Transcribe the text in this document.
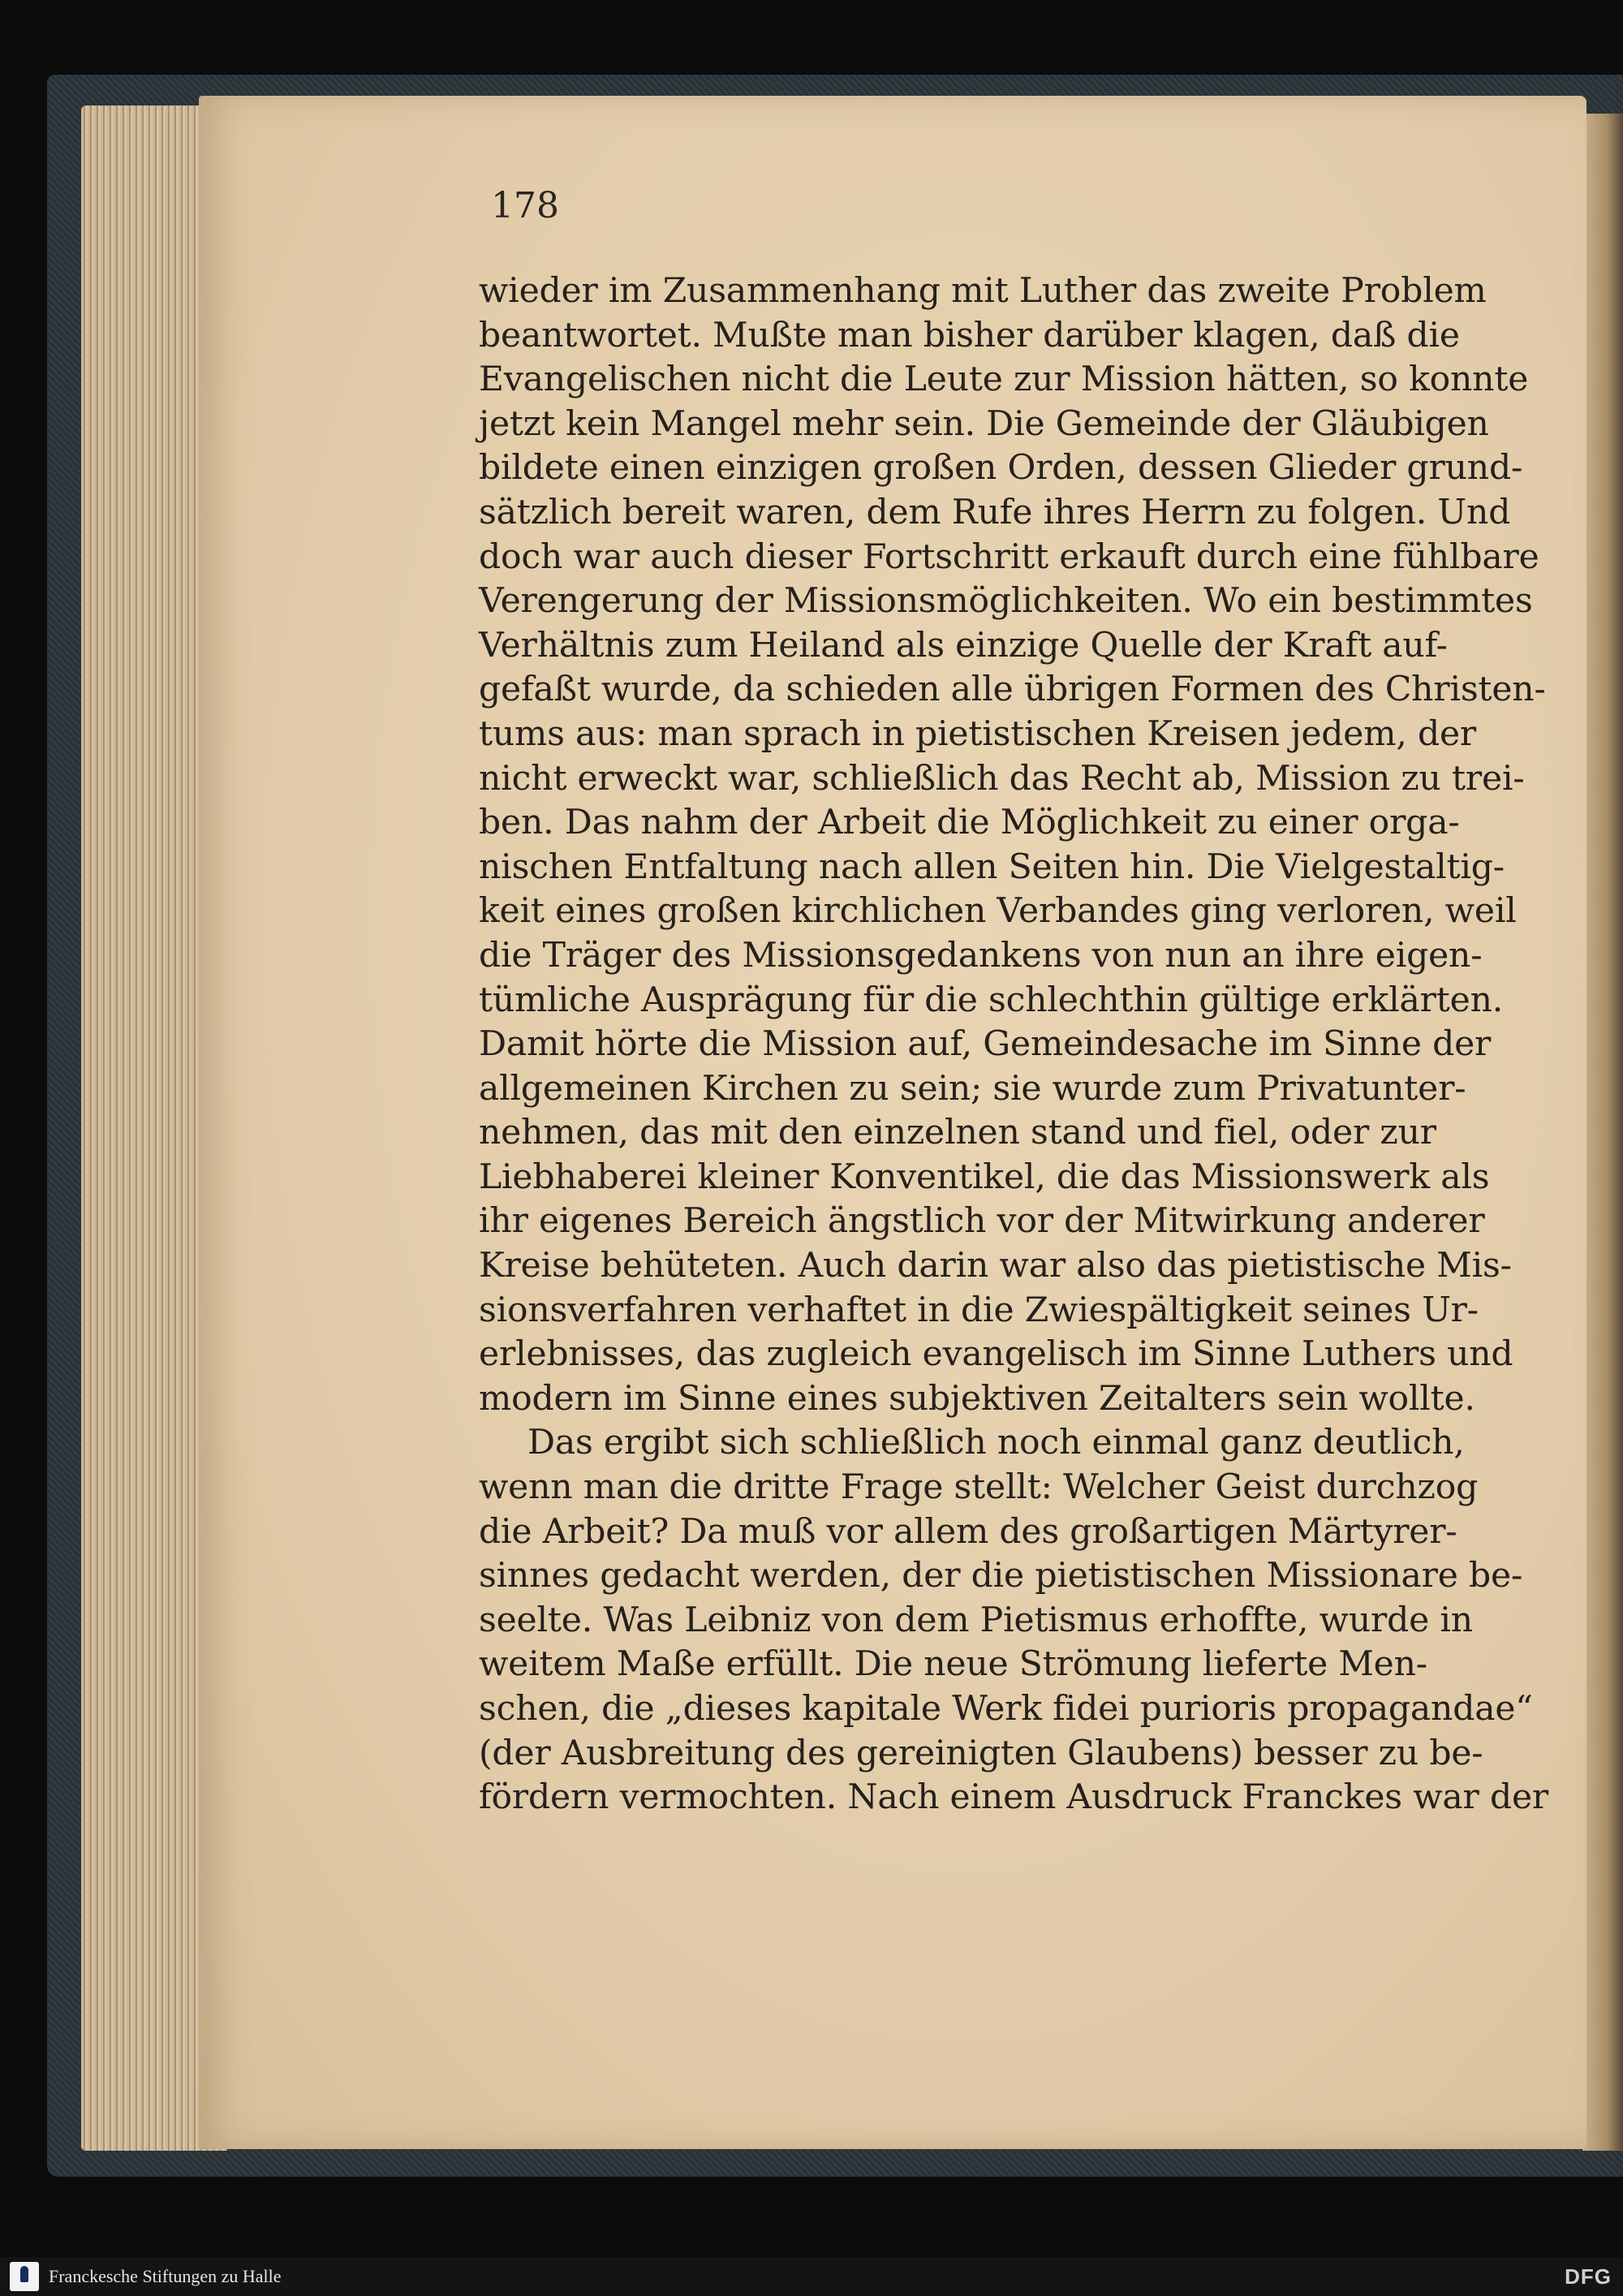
178
wieder im Zusammenhang mit Luther das zweite Problem
beantwortet. Mußte man bisher darüber klagen, daß die
Evangelischen nicht die Leute zur Mission hätten, so konnte
jetzt kein Mangel mehr sein. Die Gemeinde der Gläubigen
bildete einen einzigen großen Orden, dessen Glieder grund-
sätzlich bereit waren, dem Rufe ihres Herrn zu folgen. Und
doch war auch dieser Fortschritt erkauft durch eine fühlbare
Verengerung der Missionsmöglichkeiten. Wo ein bestimmtes
Verhältnis zum Heiland als einzige Quelle der Kraft auf-
gefaßt wurde, da schieden alle übrigen Formen des Christen-
tums aus: man sprach in pietistischen Kreisen jedem, der
nicht erweckt war, schließlich das Recht ab, Mission zu trei-
ben. Das nahm der Arbeit die Möglichkeit zu einer orga-
nischen Entfaltung nach allen Seiten hin. Die Vielgestaltig-
keit eines großen kirchlichen Verbandes ging verloren, weil
die Träger des Missionsgedankens von nun an ihre eigen-
tümliche Ausprägung für die schlechthin gültige erklärten.
Damit hörte die Mission auf, Gemeindesache im Sinne der
allgemeinen Kirchen zu sein; sie wurde zum Privatunter-
nehmen, das mit den einzelnen stand und fiel, oder zur
Liebhaberei kleiner Konventikel, die das Missionswerk als
ihr eigenes Bereich ängstlich vor der Mitwirkung anderer
Kreise behüteten. Auch darin war also das pietistische Mis-
sionsverfahren verhaftet in die Zwiespältigkeit seines Ur-
erlebnisses, das zugleich evangelisch im Sinne Luthers und
modern im Sinne eines subjektiven Zeitalters sein wollte.
Das ergibt sich schließlich noch einmal ganz deutlich,
wenn man die dritte Frage stellt: Welcher Geist durchzog
die Arbeit? Da muß vor allem des großartigen Märtyrer-
sinnes gedacht werden, der die pietistischen Missionare be-
seelte. Was Leibniz von dem Pietismus erhoffte, wurde in
weitem Maße erfüllt. Die neue Strömung lieferte Men-
schen, die „dieses kapitale Werk fidei purioris propagandae“
(der Ausbreitung des gereinigten Glaubens) besser zu be-
fördern vermochten. Nach einem Ausdruck Franckes war der
Franckesche Stiftungen zu Halle	DFG
